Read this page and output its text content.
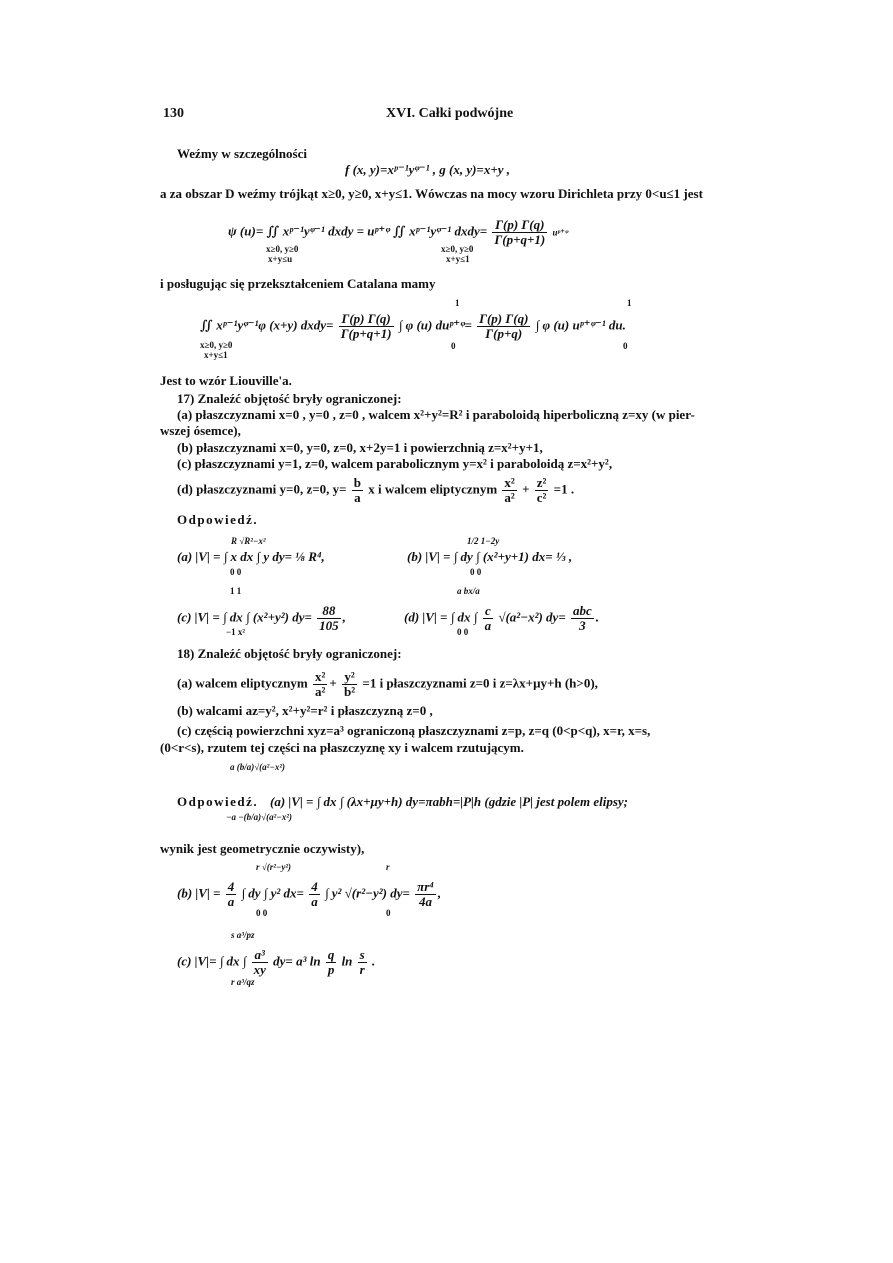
130	XVI. Całki podwójne
Weźmy w szczególności
f (x, y)=xᵖ⁻¹yᵠ⁻¹ , g (x, y)=x+y ,
a za obszar D weźmy trójkąt x≥0, y≥0, x+y≤1. Wówczas na mocy wzoru Dirichleta przy 0<u≤1 jest
ψ (u)= ∬ xᵖ⁻¹yᵠ⁻¹ dxdy = uᵖ⁺ᵠ ∬ xᵖ⁻¹yᵠ⁻¹ dxdy= $\frac{\Gamma(p) \Gamma(q)}{\Gamma(p+q+1)}$ uᵖ⁺ᵠ
x≥0, y≥0
x+y≤u
x≥0, y≥0
x+y≤1
i posługując się przekształceniem Catalana mamy
1	1
∬ xᵖ⁻¹yᵠ⁻¹φ (x+y) dxdy= $\frac{\Gamma(p) \Gamma(q)}{\Gamma(p+q+1)}$ ∫ φ (u) duᵖ⁺ᵠ= $\frac{\Gamma(p) \Gamma(q)}{\Gamma(p+q)}$ ∫ φ (u) uᵖ⁺ᵠ⁻¹ du.
x≥0, y≥0
x+y≤1
0	0
Jest to wzór Liouville'a.
17) Znaleźć objętość bryły ograniczonej:
(a) płaszczyznami x=0 , y=0 , z=0 , walcem x²+y²=R² i paraboloidą hiperboliczną z=xy (w pier-
wszej ósemce),
(b) płaszczyznami x=0, y=0, z=0, x+2y=1 i powierzchnią z=x²+y+1,
(c) płaszczyznami y=1, z=0, walcem parabolicznym y=x² i paraboloidą z=x²+y²,
(d) płaszczyznami y=0, z=0, $y= \frac{b}{a}$ x i walcem eliptycznym $\frac{\text{x²}}{\text{a²}} + \frac{\text{z²}}{\text{c²}} =1$ .
Odpowiedź.
R √R²−x²
(a) |V| = ∫ x dx ∫ y dy= ⅛ R⁴,
0 0
1/2 1−2y
(b) |V| = ∫ dy ∫ (x²+y+1) dx= ⅓ ,
0 0
1 1
(c) |V| = ∫ dx ∫ (x²+y²) $dy= \frac{88}{105}$ ,
−1 x²
a bx/a
(d) |V| = ∫ dx ∫ $\frac{c}{a} √(a^2-x^2)$ $dy= \frac{\text{abc}}{3}$ .
0 0
18) Znaleźć objętość bryły ograniczonej:
(a) walcem eliptycznym $\frac{\text{x²}}{\text{a²}} + \frac{\text{y²}}{\text{b²}} =1$ i płaszczyznami z=0 i z=λx+μy+h (h>0),
(b) walcami az=y², x²+y²=r² i płaszczyzną z=0 ,
(c) częścią powierzchni xyz=a³ ograniczoną płaszczyznami z=p, z=q (0<p<q), x=r, x=s,
(0<r<s), rzutem tej części na płaszczyznę xy i walcem rzutującym.
a (b/a)√(a²−x²)
Odpowiedź. (a) |V| = ∫ dx ∫ (λx+μy+h) dy=πabh=|P|h (gdzie |P| jest polem elipsy;
−a −(b/a)√(a²−x²)
wynik jest geometrycznie oczywisty),
r √(r²−y²)	r
(b) $|V| = \frac{4}{a}$ ∫ dy ∫ y² $dx= \frac{4}{a}$ ∫ y² √(r²−y²) $dy= \frac{\text{πr⁴}}{4a}$ ,
0 0	0
s a³/pz
(c) |V|= ∫ dx ∫ $\frac{\text{a³}}{xy} dy= a^3$ $\ln \frac{q}{p}$ $\ln \frac{s}{r}$ .
r a³/qz
